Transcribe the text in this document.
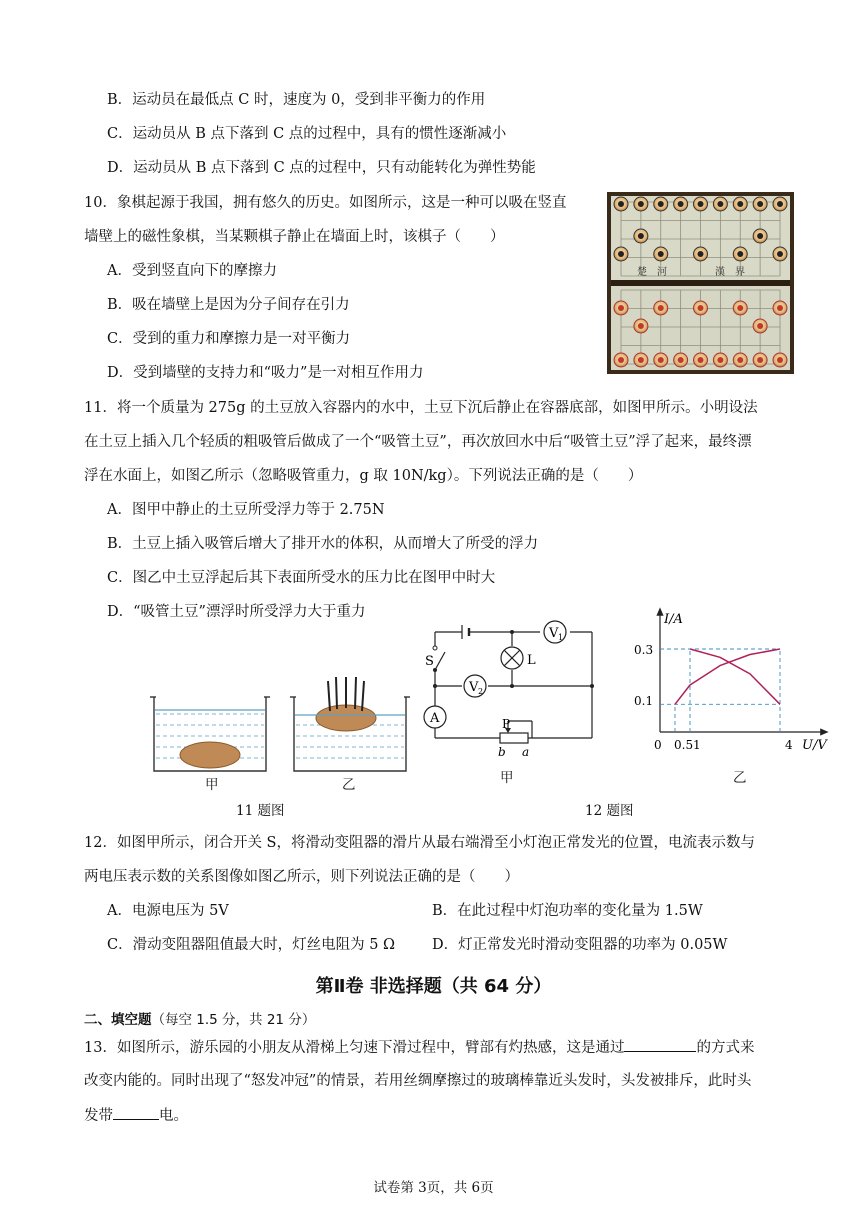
B．运动员在最低点 C 时，速度为 0，受到非平衡力的作用
C．运动员从 B 点下落到 C 点的过程中，具有的惯性逐渐减小
D．运动员从 B 点下落到 C 点的过程中，只有动能转化为弹性势能
10．象棋起源于我国，拥有悠久的历史。如图所示，这是一种可以吸在竖直
墙壁上的磁性象棋，当某颗棋子静止在墙面上时，该棋子（　　）
A．受到竖直向下的摩擦力
B．吸在墙壁上是因为分子间存在引力
C．受到的重力和摩擦力是一对平衡力
D．受到墙壁的支持力和“吸力”是一对相互作用力
楚　河	漢　界
11．将一个质量为 275g 的土豆放入容器内的水中，土豆下沉后静止在容器底部，如图甲所示。小明设法
在土豆上插入几个轻质的粗吸管后做成了一个“吸管土豆”，再次放回水中后“吸管土豆”浮了起来，最终漂
浮在水面上，如图乙所示（忽略吸管重力，g 取 10N/kg）。下列说法正确的是（　　）
A．图甲中静止的土豆所受浮力等于 2.75N
B．土豆上插入吸管后增大了排开水的体积，从而增大了所受的浮力
C．图乙中土豆浮起后其下表面所受水的压力比在图甲中时大
D．“吸管土豆”漂浮时所受浮力大于重力
甲	乙
11 题图
V 1
L
V 2
A
S
P
b a
甲
12 题图
I/A
U/V
0 0.5 1	4
0.3
0.1
乙
12．如图甲所示，闭合开关 S，将滑动变阻器的滑片从最右端滑至小灯泡正常发光的位置，电流表示数与
两电压表示数的关系图像如图乙所示，则下列说法正确的是（　　）
A．电源电压为 5V	B．在此过程中灯泡功率的变化量为 1.5W
C．滑动变阻器阻值最大时，灯丝电阻为 5 Ω	D．灯正常发光时滑动变阻器的功率为 0.05W
第Ⅱ卷 非选择题（共 64 分）
二、填空题（每空 1.5 分，共 21 分）
13．如图所示，游乐园的小朋友从滑梯上匀速下滑过程中，臂部有灼热感，这是通过	的方式来
改变内能的。同时出现了“怒发冲冠”的情景，若用丝绸摩擦过的玻璃棒靠近头发时，头发被排斥，此时头
发带	电。
试卷第 3页，共 6页
